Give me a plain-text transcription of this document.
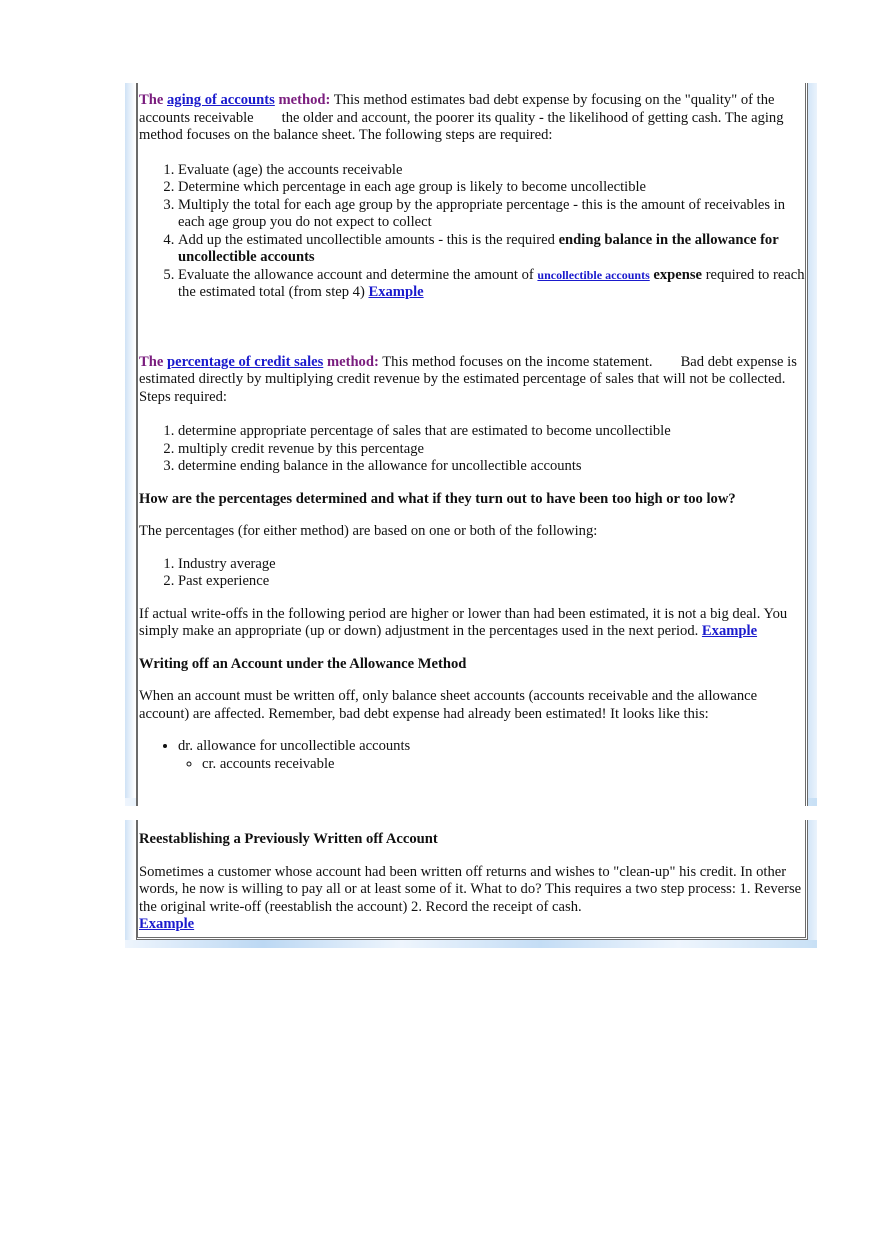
The aging of accounts method: This method estimates bad debt expense by focusing on the "quality" of the accounts receivable the older and account, the poorer its quality - the likelihood of getting cash. The aging method focuses on the balance sheet. The following steps are required:

1. Evaluate (age) the accounts receivable
2. Determine which percentage in each age group is likely to become uncollectible
3. Multiply the total for each age group by the appropriate percentage - this is the amount of receivables in each age group you do not expect to collect
4. Add up the estimated uncollectible amounts - this is the required ending balance in the allowance for uncollectible accounts
5. Evaluate the allowance account and determine the amount of uncollectible accounts expense required to reach the estimated total (from step 4) Example

The percentage of credit sales method: This method focuses on the income statement. Bad debt expense is estimated directly by multiplying credit revenue by the estimated percentage of sales that will not be collected. Steps required:

1. determine appropriate percentage of sales that are estimated to become uncollectible
2. multiply credit revenue by this percentage
3. determine ending balance in the allowance for uncollectible accounts
How are the percentages determined and what if they turn out to have been too high or too low?

The percentages (for either method) are based on one or both of the following:

1. Industry average
2. Past experience

If actual write-offs in the following period are higher or lower than had been estimated, it is not a big deal. You simply make an appropriate (up or down) adjustment in the percentages used in the next period. Example

Writing off an Account under the Allowance Method

When an account must be written off, only balance sheet accounts (accounts receivable and the allowance account) are affected. Remember, bad debt expense had already been estimated! It looks like this:

• dr. allowance for uncollectible accounts
◦ cr. accounts receivable
Reestablishing a Previously Written off Account

Sometimes a customer whose account had been written off returns and wishes to "clean-up" his credit. In other words, he now is willing to pay all or at least some of it. What to do? This requires a two step process: 1. Reverse the original write-off (reestablish the account) 2. Record the receipt of cash.
Example
